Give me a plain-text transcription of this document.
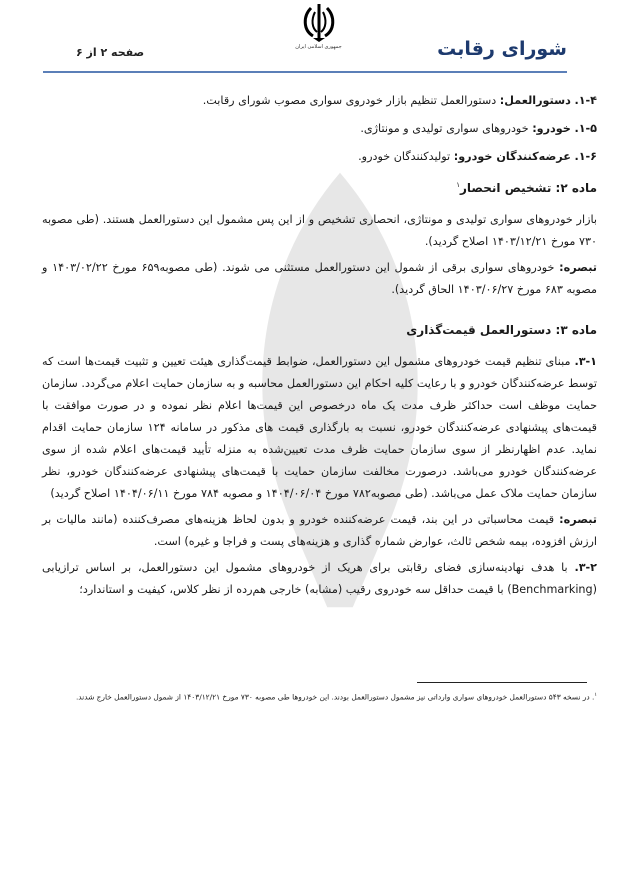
جمهوری اسلامی ایران	شورای رقابت
صفحه ۲ از ۶

۱-۴. دستورالعمل: دستورالعمل تنظیم بازار خودروی سواری مصوب شورای رقابت.

۱-۵. خودرو: خودروهای سواری تولیدی و مونتاژی.

۱-۶. عرضه‌کنندگان خودرو: تولیدکنندگان خودرو.

ماده ۲: تشخیص انحصار$^۱$

بازار خودروهای سواری تولیدی و مونتاژی، انحصاری تشخیص و از این پس مشمول این دستورالعمل هستند. (طی مصوبه ۷۳۰ مورخ ۱۴۰۳/۱۲/۲۱ اصلاح گردید).

تبصره: خودروهای سواری برقی از شمول این دستورالعمل مستثنی می شوند. (طی مصوبه۶۵۹ مورخ ۱۴۰۳/۰۲/۲۲ و مصوبه ۶۸۳ مورخ ۱۴۰۳/۰۶/۲۷ الحاق گردید).

ماده ۳: دستورالعمل قیمت‌گذاری

۳-۱. مبنای تنظیم قیمت خودروهای مشمول این دستورالعمل، ضوابط قیمت‌گذاری هیئت تعیین و تثبیت قیمت‌ها است که توسط عرضه‌کنندگان خودرو و با رعایت کلیه احکام این دستورالعمل محاسبه و به سازمان حمایت اعلام می‌گردد. سازمان حمایت موظف است حداکثر ظرف مدت یک ماه درخصوص این قیمت‌ها اعلام نظر نموده و در صورت موافقت با قیمت‌های پیشنهادی عرضه‌کنندگان خودرو، نسبت به بارگذاری قیمت های مذکور در سامانه ۱۲۴ سازمان حمایت اقدام نماید. عدم اظهارنظر از سوی سازمان حمایت ظرف مدت تعیین‌شده به منزله تأیید قیمت‌های اعلام شده از سوی عرضه‌کنندگان خودرو می‌باشد. درصورت مخالفت سازمان حمایت با قیمت‌های پیشنهادی عرضه‌کنندگان خودرو، نظر سازمان حمایت ملاک عمل می‌باشد. (طی مصوبه۷۸۲ مورخ ۱۴۰۴/۰۶/۰۴ و مصوبه ۷۸۴ مورخ ۱۴۰۴/۰۶/۱۱ اصلاح گردید)

تبصره: قیمت محاسباتی در این بند، قیمت عرضه‌کننده خودرو و بدون لحاظ هزینه‌های مصرف‌کننده (مانند مالیات بر ارزش افزوده، بیمه شخص ثالث، عوارض شماره گذاری و هزینه‌های پست و فراجا و غیره) است.

۳-۲. با هدف نهادینه‌سازی فضای رقابتی برای هریک از خودروهای مشمول این دستورالعمل، بر اساس ترازیابی (Benchmarking) با قیمت حداقل سه خودروی رقیب (مشابه) خارجی هم‌رده از نظر کلاس، کیفیت و استاندارد؛

$^۱$. در نسخه ۵۴۳ دستورالعمل خودروهای سواری وارداتی نیز مشمول دستورالعمل بودند. این خودروها طی مصوبه ۷۳۰ مورخ ۱۴۰۳/۱۲/۲۱ از شمول دستورالعمل خارج شدند.
